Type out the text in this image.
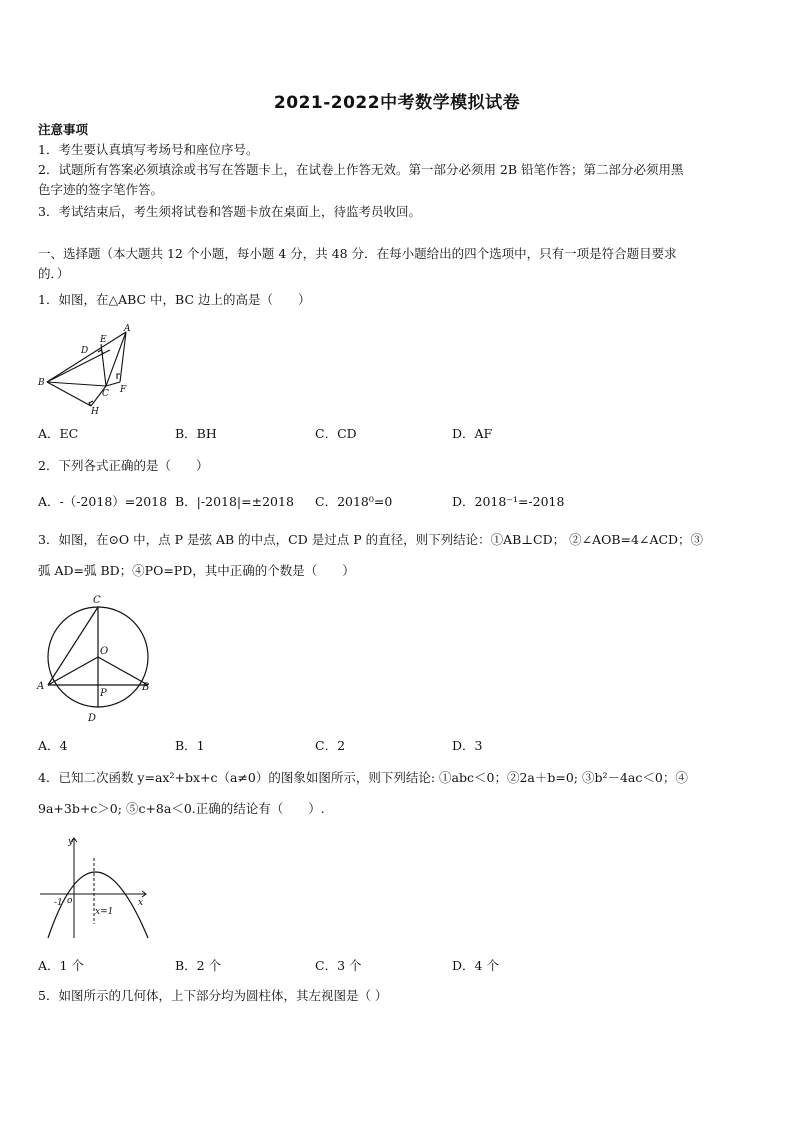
2021-2022中考数学模拟试卷
注意事项
1．考生要认真填写考场号和座位序号。
2．试题所有答案必须填涂或书写在答题卡上，在试卷上作答无效。第一部分必须用 2B 铅笔作答；第二部分必须用黑
色字迹的签字笔作答。
3．考试结束后，考生须将试卷和答题卡放在桌面上，待监考员收回。
一、选择题（本大题共 12 个小题，每小题 4 分，共 48 分．在每小题给出的四个选项中，只有一项是符合题目要求
的．）
1．如图，在△ABC 中，BC 边上的高是（　　）
A
B
C
D
E
F
H
A．EC	B．BH	C．CD	D．AF
2．下列各式正确的是（　　）
A．-（-2018）=2018 B．|-2018|=±2018 C．2018⁰=0	D．2018⁻¹=-2018
3．如图，在⊙O 中，点 P 是弦 AB 的中点，CD 是过点 P 的直径，则下列结论：①AB⊥CD； ②∠AOB=4∠ACD；③
弧 AD=弧 BD；④PO=PD，其中正确的个数是（　　）
C
O
A
P
B
D
A．4	B．1	C．2	D．3
4．已知二次函数 y=ax²+bx+c（a≠0）的图象如图所示，则下列结论: ①abc＜0；②2a＋b=0; ③b²－4ac＜0；④
9a+3b+c＞0; ⑤c+8a＜0.正确的结论有（　　）.
y
x
-1 o
x=1
A．1 个	B．2 个	C．3 个	D．4 个
5．如图所示的几何体，上下部分均为圆柱体，其左视图是（ ）
